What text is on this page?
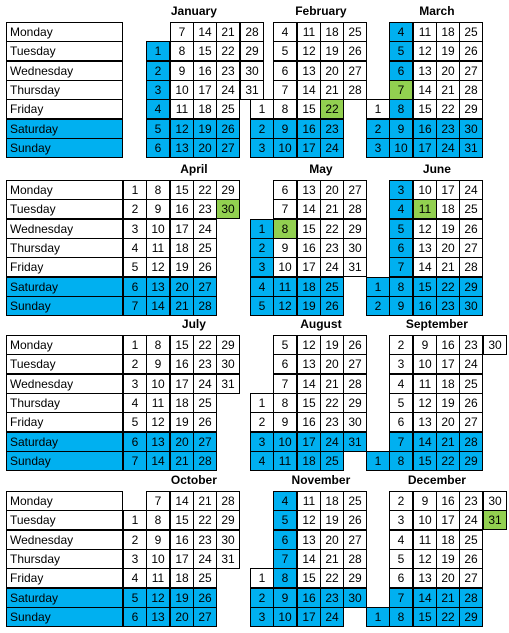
Monday
Tuesday
Wednesday
Thursday
Friday
Saturday
Sunday
January
1
2
3
4
5
6
7
8
9
10
11
12
13
14
15
16
17
18
19
20
21
22
23
24
25
26
27
28
29
30
31
February
1
2
3
4
5
6
7
8
9
10
11
12
13
14
15
16
17
18
19
20
21
22
23
24
25
26
27
28
March
1
2
3
4
5
6
7
8
9
10
11
12
13
14
15
16
17
18
19
20
21
22
23
24
25
26
27
28
29
30
31
Monday
Tuesday
Wednesday
Thursday
Friday
Saturday
Sunday
April
1
2
3
4
5
6
7
8
9
10
11
12
13
14
15
16
17
18
19
20
21
22
23
24
25
26
27
28
29
30
May
1
2
3
4
5
6
7
8
9
10
11
12
13
14
15
16
17
18
19
20
21
22
23
24
25
26
27
28
29
30
31
June
1
2
3
4
5
6
7
8
9
10
11
12
13
14
15
16
17
18
19
20
21
22
23
24
25
26
27
28
29
30
Monday
Tuesday
Wednesday
Thursday
Friday
Saturday
Sunday
July
1
2
3
4
5
6
7
8
9
10
11
12
13
14
15
16
17
18
19
20
21
22
23
24
25
26
27
28
29
30
31
August
1
2
3
4
5
6
7
8
9
10
11
12
13
14
15
16
17
18
19
20
21
22
23
24
25
26
27
28
29
30
31
September
1
2
3
4
5
6
7
8
9
10
11
12
13
14
15
16
17
18
19
20
21
22
23
24
25
26
27
28
29
30
Monday
Tuesday
Wednesday
Thursday
Friday
Saturday
Sunday
October
1
2
3
4
5
6
7
8
9
10
11
12
13
14
15
16
17
18
19
20
21
22
23
24
25
26
27
28
29
30
31
November
1
2
3
4
5
6
7
8
9
10
11
12
13
14
15
16
17
18
19
20
21
22
23
24
25
26
27
28
29
30
December
1
2
3
4
5
6
7
8
9
10
11
12
13
14
15
16
17
18
19
20
21
22
23
24
25
26
27
28
29
30
31
